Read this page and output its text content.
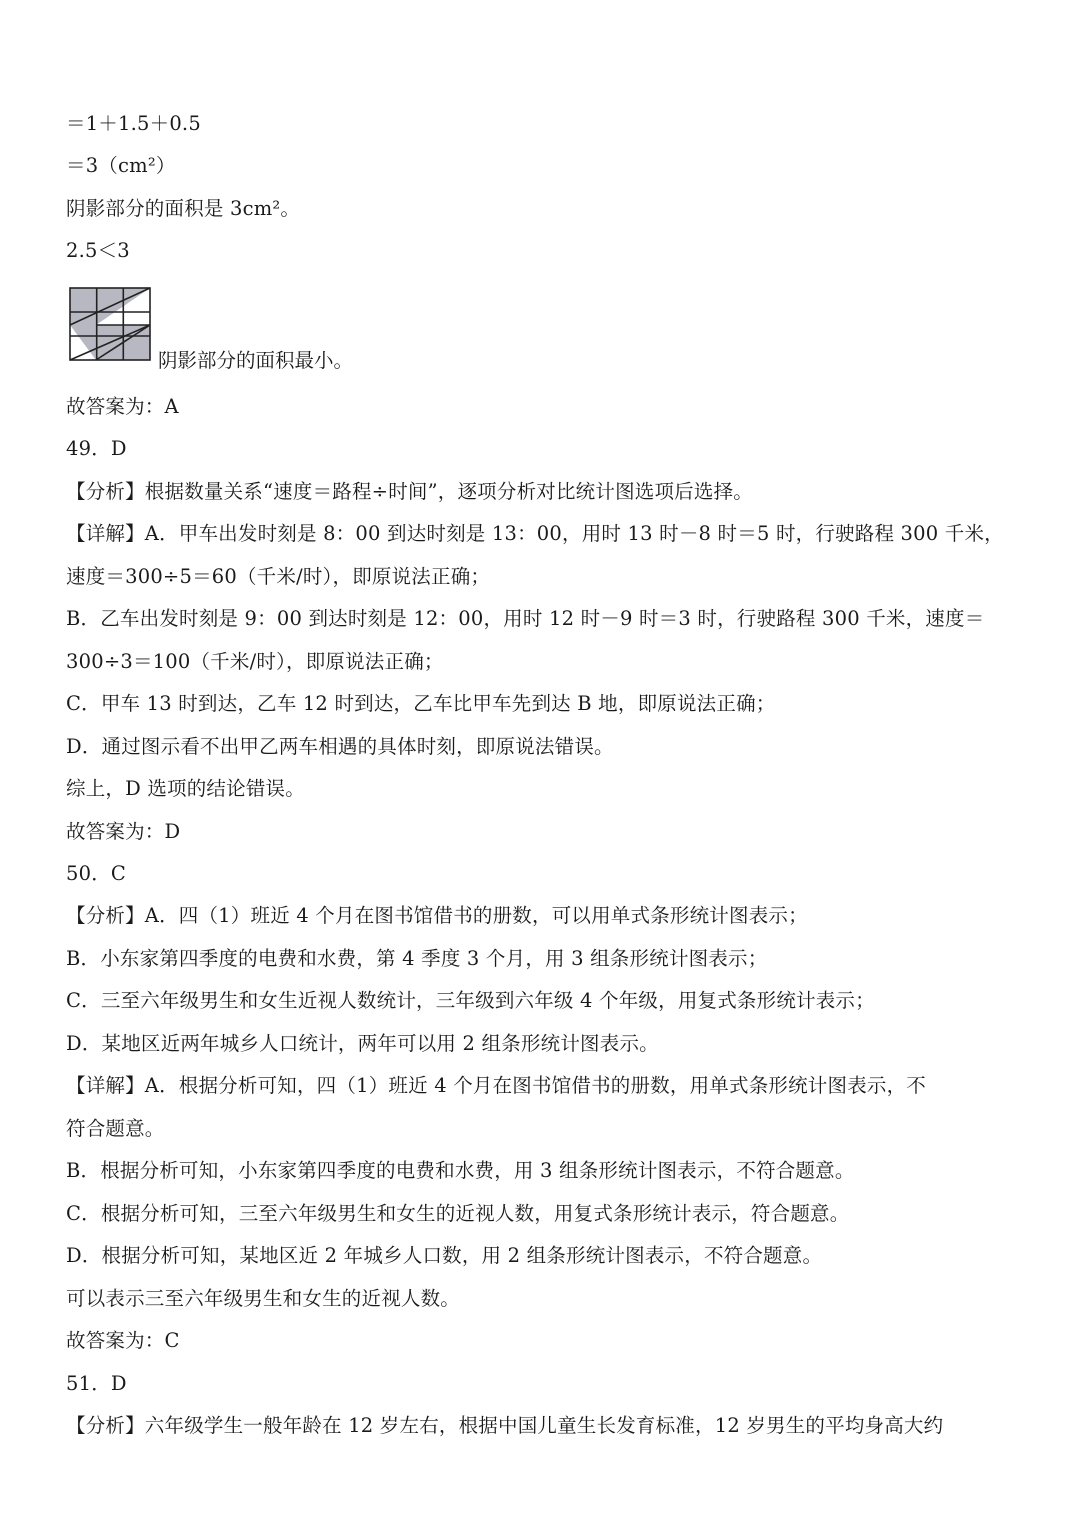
＝1＋1.5＋0.5
＝3（cm²）
阴影部分的面积是 3cm²。
2.5＜3
阴影部分的面积最小。
故答案为：A
49．D
【分析】根据数量关系“速度＝路程÷时间”，逐项分析对比统计图选项后选择。
【详解】A．甲车出发时刻是 8：00 到达时刻是 13：00，用时 13 时－8 时＝5 时，行驶路程 300 千米，
速度＝300÷5＝60（千米/时），即原说法正确；
B．乙车出发时刻是 9：00 到达时刻是 12：00，用时 12 时－9 时＝3 时，行驶路程 300 千米，速度＝
300÷3＝100（千米/时），即原说法正确；
C．甲车 13 时到达，乙车 12 时到达，乙车比甲车先到达 B 地，即原说法正确；
D．通过图示看不出甲乙两车相遇的具体时刻，即原说法错误。
综上，D 选项的结论错误。
故答案为：D
50．C
【分析】A．四（1）班近 4 个月在图书馆借书的册数，可以用单式条形统计图表示；
B．小东家第四季度的电费和水费，第 4 季度 3 个月，用 3 组条形统计图表示；
C．三至六年级男生和女生近视人数统计，三年级到六年级 4 个年级，用复式条形统计表示；
D．某地区近两年城乡人口统计，两年可以用 2 组条形统计图表示。
【详解】A．根据分析可知，四（1）班近 4 个月在图书馆借书的册数，用单式条形统计图表示，不
符合题意。
B．根据分析可知，小东家第四季度的电费和水费，用 3 组条形统计图表示，不符合题意。
C．根据分析可知，三至六年级男生和女生的近视人数，用复式条形统计表示，符合题意。
D．根据分析可知，某地区近 2 年城乡人口数，用 2 组条形统计图表示，不符合题意。
可以表示三至六年级男生和女生的近视人数。
故答案为：C
51．D
【分析】六年级学生一般年龄在 12 岁左右，根据中国儿童生长发育标准，12 岁男生的平均身高大约
